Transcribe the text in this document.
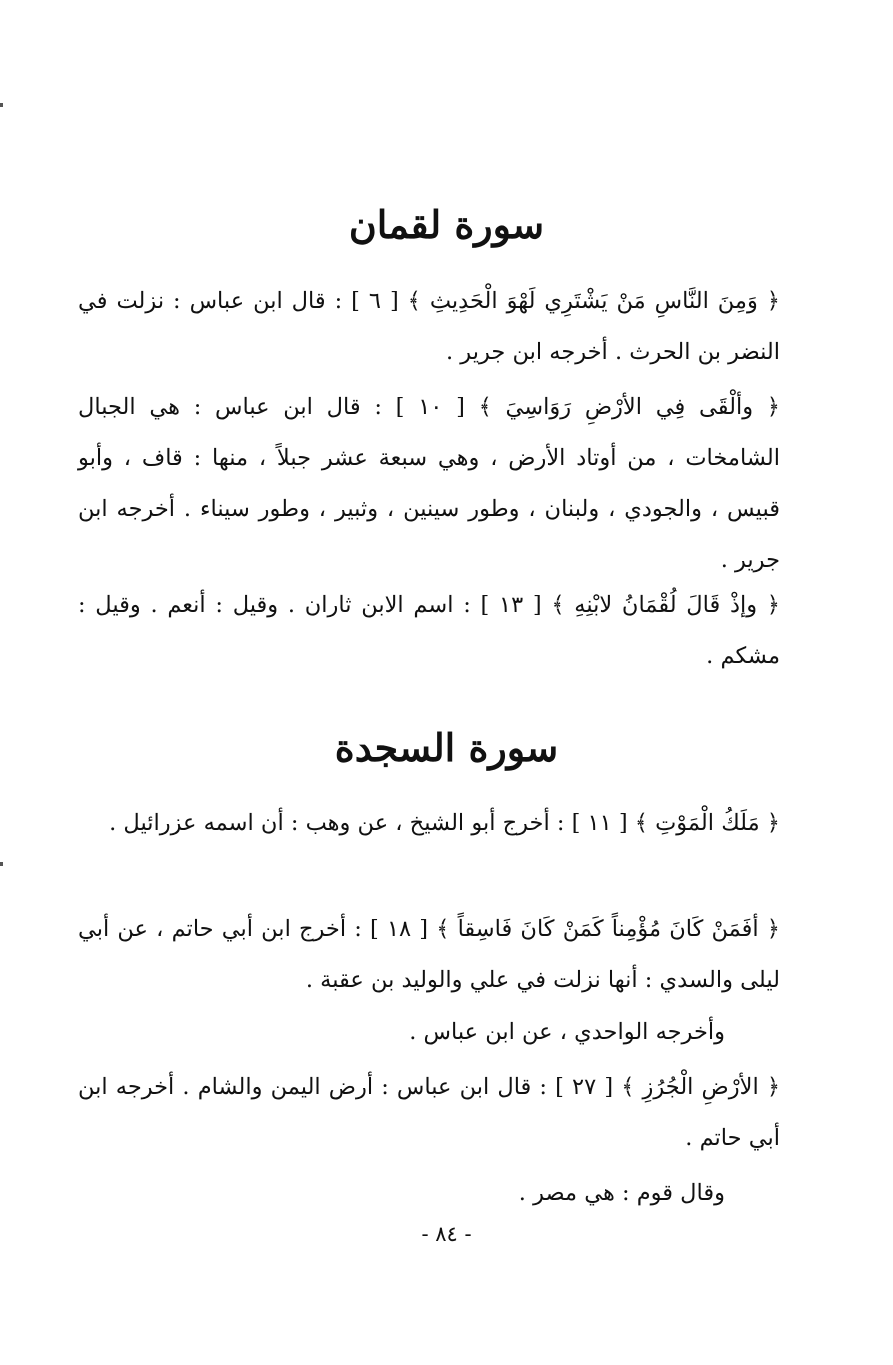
سورة لقمان

﴿ وَمِنَ النَّاسِ مَنْ يَشْتَرِي لَهْوَ الْحَدِيثِ ﴾ [ ٦ ] : قال ابن عباس : نزلت في النضر بن الحرث . أخرجه ابن جرير .

﴿ وألْقَى فِي الأرْضِ رَوَاسِيَ ﴾ [ ١٠ ] : قال ابن عباس : هي الجبال الشامخات ، من أوتاد الأرض ، وهي سبعة عشر جبلاً ، منها : قاف ، وأبو قبيس ، والجودي ، ولبنان ، وطور سينين ، وثبير ، وطور سيناء . أخرجه ابن جرير .

﴿ وإذْ قَالَ لُقْمَانُ لابْنِهِ ﴾ [ ١٣ ] : اسم الابن ثاران . وقيل : أنعم . وقيل : مشكم .

سورة السجدة

﴿ مَلَكُ الْمَوْتِ ﴾ [ ١١ ] : أخرج أبو الشيخ ، عن وهب : أن اسمه عزرائيل .

﴿ أفَمَنْ كَانَ مُؤْمِناً كَمَنْ كَانَ فَاسِقاً ﴾ [ ١٨ ] : أخرج ابن أبي حاتم ، عن أبي ليلى والسدي : أنها نزلت في علي والوليد بن عقبة .

وأخرجه الواحدي ، عن ابن عباس .

﴿ الأرْضِ الْجُرُزِ ﴾ [ ٢٧ ] : قال ابن عباس : أرض اليمن والشام . أخرجه ابن أبي حاتم .

وقال قوم : هي مصر .

- ٨٤ -
